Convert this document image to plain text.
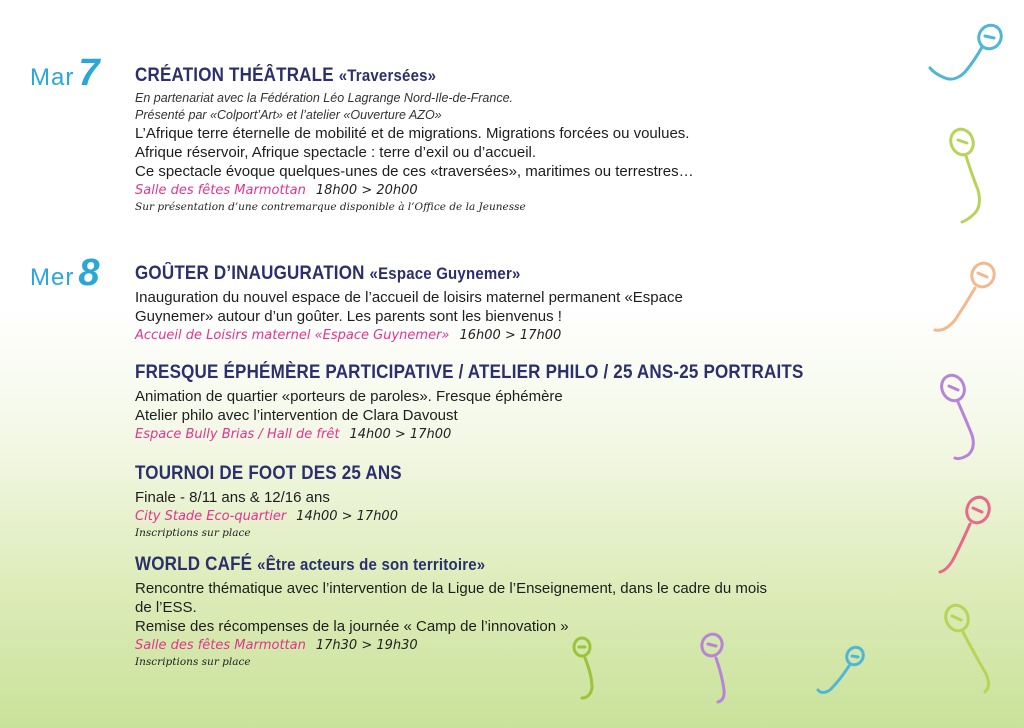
Mar 7 CRÉATION THÉÂTRALE «Traversées»
En partenariat avec la Fédération Léo Lagrange Nord-Ile-de-France.
Présenté par «Colport’Art» et l’atelier «Ouverture AZO»
L’Afrique terre éternelle de mobilité et de migrations. Migrations forcées ou voulues.
Afrique réservoir, Afrique spectacle : terre d’exil ou d’accueil.
Ce spectacle évoque quelques-unes de ces «traversées», maritimes ou terrestres…
Salle des fêtes Marmottan 18h00 > 20h00
Sur présentation d’une contremarque disponible à l’Office de la Jeunesse
Mer 8 GOÛTER D’INAUGURATION «Espace Guynemer»
Inauguration du nouvel espace de l’accueil de loisirs maternel permanent «Espace
Guynemer» autour d’un goûter. Les parents sont les bienvenus !
Accueil de Loisirs maternel «Espace Guynemer» 16h00 > 17h00
FRESQUE ÉPHÉMÈRE PARTICIPATIVE / ATELIER PHILO / 25 ANS-25 PORTRAITS
Animation de quartier «porteurs de paroles». Fresque éphémère
Atelier philo avec l’intervention de Clara Davoust
Espace Bully Brias / Hall de frêt 14h00 > 17h00
TOURNOI DE FOOT DES 25 ANS
Finale - 8/11 ans & 12/16 ans
City Stade Eco-quartier 14h00 > 17h00
Inscriptions sur place
WORLD CAFÉ «Être acteurs de son territoire»
Rencontre thématique avec l’intervention de la Ligue de l’Enseignement, dans le cadre du mois
de l’ESS.
Remise des récompenses de la journée « Camp de l’innovation »
Salle des fêtes Marmottan 17h30 > 19h30
Inscriptions sur place
